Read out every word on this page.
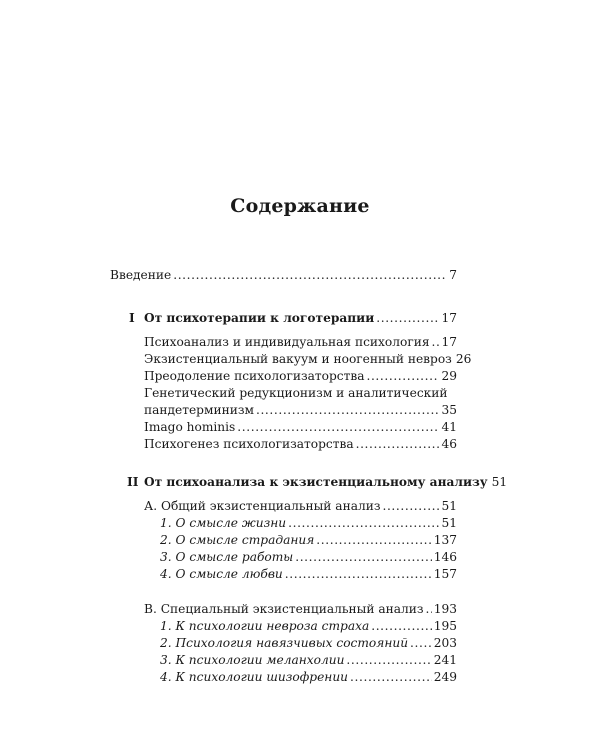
Содержание
Введение .....	7
I От психотерапии к логотерапии .....	17
Психоанализ и индивидуальная психология ..... 17
Экзистенциальный вакуум и ноогенный невроз 26
Преодоление психологизаторства .....	29
Генетический редукционизм и аналитический
пандетерминизм .....	35
Imago hominis .....	41
Психогенез психологизаторства .....	46
II От психоанализа к экзистенциальному анализу 51
А. Общий экзистенциальный анализ .....	51
1. О смысле жизни .....	51
2. О смысле страдания .....	137
3. О смысле работы .....	146
4. О смысле любви .....	157
В. Специальный экзистенциальный анализ ..... 193
1. К психологии невроза страха .....	195
2. Психология навязчивых состояний ..... 203
3. К психологии меланхолии .....	241
4. К психологии шизофрении .....	249
